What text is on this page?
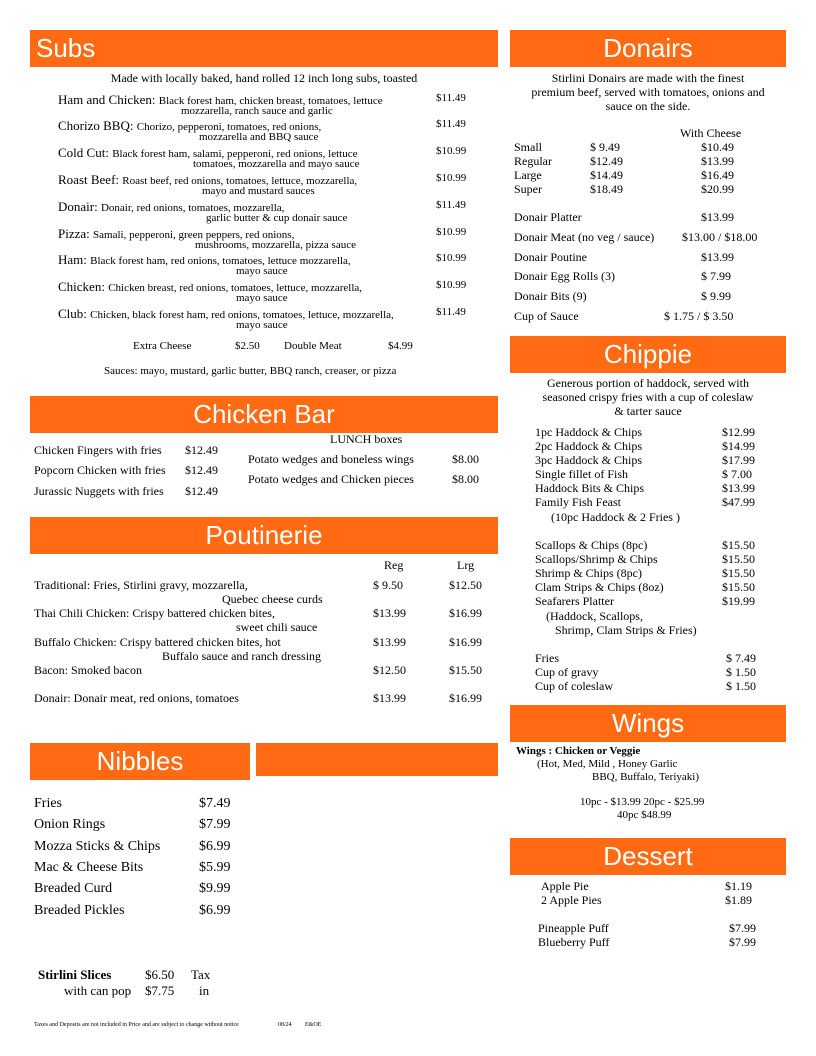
Subs
Made with locally baked, hand rolled 12 inch long subs, toasted
Ham and Chicken: Black forest ham, chicken breast, tomatoes, lettuce
mozzarella, ranch sauce and garlic
$11.49
Chorizo BBQ: Chorizo, pepperoni, tomatoes, red onions,
mozzarella and BBQ sauce
$11.49
Cold Cut: Black forest ham, salami, pepperoni, red onions, lettuce
tomatoes, mozzarella and mayo sauce
$10.99
Roast Beef: Roast beef, red onions, tomatoes, lettuce, mozzarella,
mayo and mustard sauces
$10.99
Donair: Donair, red onions, tomatoes, mozzarella,
garlic butter & cup donair sauce
$11.49
Pizza: Samali, pepperoni, green peppers, red onions,
mushrooms, mozzarella, pizza sauce
$10.99
Ham: Black forest ham, red onions, tomatoes, lettuce mozzarella,
mayo sauce
$10.99
Chicken: Chicken breast, red onions, tomatoes, lettuce, mozzarella,
mayo sauce
$10.99
Club: Chicken, black forest ham, red onions, tomatoes, lettuce, mozzarella,
mayo sauce
$11.49
Extra Cheese	$2.50 Double Meat	$4.99
Sauces: mayo, mustard, garlic butter, BBQ ranch, creaser, or pizza
Chicken Bar
LUNCH boxes
Chicken Fingers with fries $12.49
Popcorn Chicken with fries $12.49
Jurassic Nuggets with fries $12.49
Potato wedges and boneless wings	$8.00
Potato wedges and Chicken pieces	$8.00
Poutinerie
Reg	Lrg
Traditional: Fries, Stirlini gravy, mozzarella,
Quebec cheese curds
$ 9.50	$12.50
Thai Chili Chicken: Crispy battered chicken bites,
sweet chili sauce
$13.99	$16.99
Buffalo Chicken: Crispy battered chicken bites, hot
Buffalo sauce and ranch dressing
$13.99	$16.99
Bacon: Smoked bacon	$12.50	$15.50
Donair: Donair meat, red onions, tomatoes	$13.99	$16.99
Nibbles
Fries	$7.49
Onion Rings	$7.99
Mozza Sticks & Chips	$6.99
Mac & Cheese Bits	$5.99
Breaded Curd	$9.99
Breaded Pickles	$6.99
Stirlini Slices	$6.50 Tax
with can pop $7.75 in
Taxes and Deposits are not included in Price and are subject to change without notice	08/24 E&OE
Donairs
Stirlini Donairs are made with the finest
premium beef, served with tomatoes, onions and
sauce on the side.
With Cheese
Small	$ 9.49	$10.49
Regular	$12.49	$13.99
Large	$14.49	$16.49
Super	$18.49	$20.99
Donair Platter	$13.99
Donair Meat (no veg / sauce) $13.00 / $18.00
Donair Poutine	$13.99
Donair Egg Rolls (3)	$ 7.99
Donair Bits (9)	$ 9.99
Cup of Sauce	$ 1.75 / $ 3.50
Chippie
Generous portion of haddock, served with
seasoned crispy fries with a cup of coleslaw
& tarter sauce
1pc Haddock & Chips	$12.99
2pc Haddock & Chips	$14.99
3pc Haddock & Chips	$17.99
Single fillet of Fish	$ 7.00
Haddock Bits & Chips	$13.99
Family Fish Feast	$47.99
(10pc Haddock & 2 Fries )
Scallops & Chips (8pc)	$15.50
Scallops/Shrimp & Chips	$15.50
Shrimp & Chips (8pc)	$15.50
Clam Strips & Chips (8oz)	$15.50
Seafarers Platter	$19.99
(Haddock, Scallops,
Shrimp, Clam Strips & Fries)
Fries	$ 7.49
Cup of gravy	$ 1.50
Cup of coleslaw	$ 1.50
Wings
Wings : Chicken or Veggie
(Hot, Med, Mild , Honey Garlic
BBQ, Buffalo, Teriyaki)
10pc - $13.99 20pc - $25.99
40pc $48.99
Dessert
Apple Pie	$1.19
2 Apple Pies	$1.89
Pineapple Puff	$7.99
Blueberry Puff	$7.99
